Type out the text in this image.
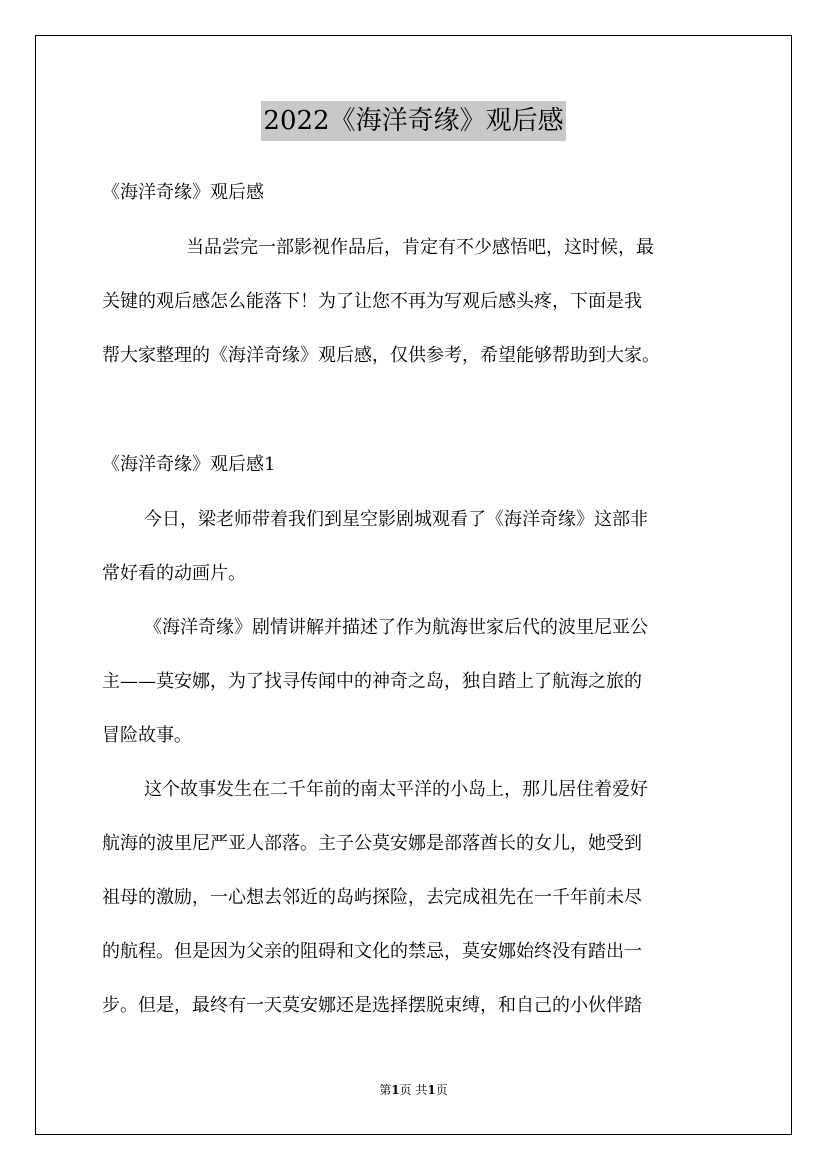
2022《海洋奇缘》观后感
《海洋奇缘》观后感
当品尝完一部影视作品后，肯定有不少感悟吧，这时候，最
关键的观后感怎么能落下！为了让您不再为写观后感头疼，下面是我
帮大家整理的《海洋奇缘》观后感，仅供参考，希望能够帮助到大家。
《海洋奇缘》观后感1
今日，梁老师带着我们到星空影剧城观看了《海洋奇缘》这部非
常好看的动画片。
《海洋奇缘》剧情讲解并描述了作为航海世家后代的波里尼亚公
主——莫安娜，为了找寻传闻中的神奇之岛，独自踏上了航海之旅的
冒险故事。
这个故事发生在二千年前的南太平洋的小岛上，那儿居住着爱好
航海的波里尼严亚人部落。主子公莫安娜是部落酋长的女儿，她受到
祖母的激励，一心想去邻近的岛屿探险，去完成祖先在一千年前未尽
的航程。但是因为父亲的阻碍和文化的禁忌，莫安娜始终没有踏出一
步。但是，最终有一天莫安娜还是选择摆脱束缚，和自己的小伙伴踏
第1页 共1页
